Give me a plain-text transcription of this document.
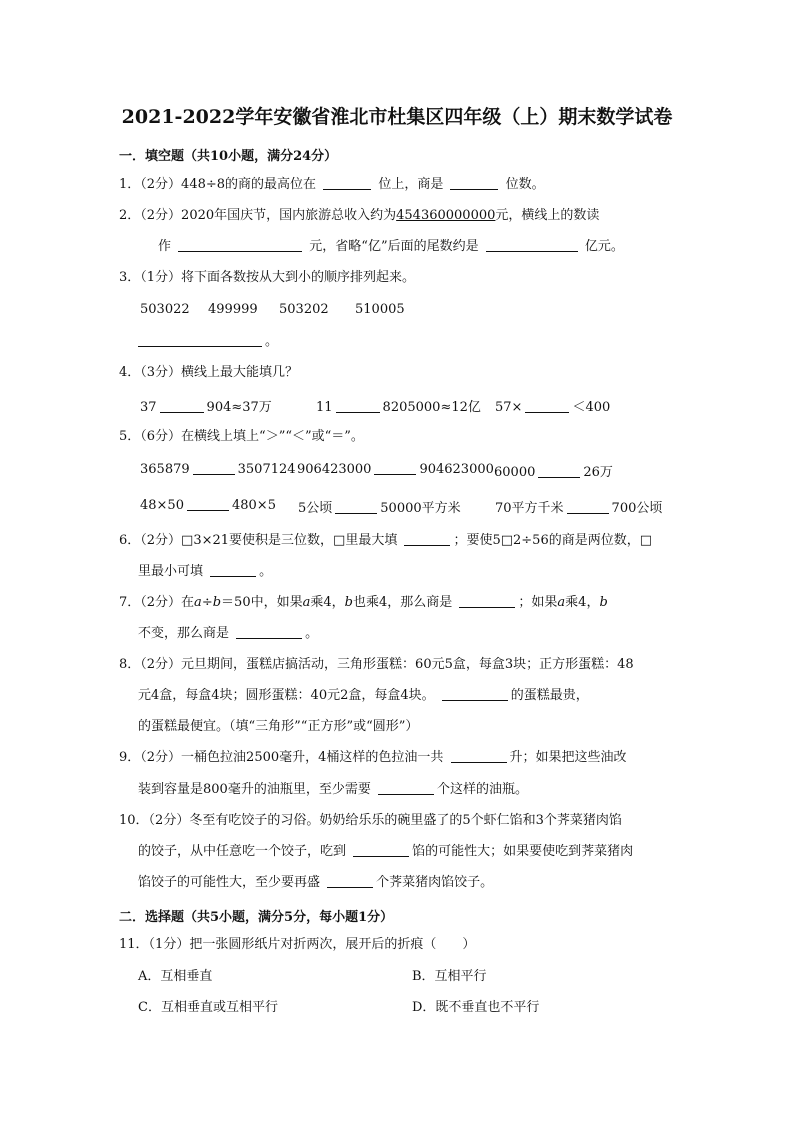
2021-2022学年安徽省淮北市杜集区四年级（上）期末数学试卷
一．填空题（共10小题，满分24分）
1．（2分）448÷8的商的最高位在	位上，商是	位数。
2．（2分）2020年国庆节，国内旅游总收入约为454360000000元，横线上的数读
作	元，省略“亿”后面的尾数约是	亿元。
3．（1分）将下面各数按从大到小的顺序排列起来。
503022 499999 503202 510005
。
4．（3分）横线上最大能填几？
37	904≈37万	11	8205000≈12亿 57×	＜400
5．（6分）在横线上填上“＞”“＜”或“＝”。
365879	3507124 906423000	904623000 60000	26万
48×50	480×5 5公顷	50000平方米	70平方千米	700公顷
6．（2分）□3×21要使积是三位数，□里最大填	；要使5□2÷56的商是两位数，□
里最小可填	。
7．（2分）在a÷b＝50中，如果a乘4，b也乘4，那么商是	；如果a乘4，b
不变，那么商是	。
8．（2分）元旦期间，蛋糕店搞活动，三角形蛋糕：60元5盒，每盒3块；正方形蛋糕：48
元4盒，每盒4块；圆形蛋糕：40元2盒，每盒4块。	的蛋糕最贵，
的蛋糕最便宜。（填“三角形”“正方形”或“圆形”）
9．（2分）一桶色拉油2500毫升，4桶这样的色拉油一共	升；如果把这些油改
装到容量是800毫升的油瓶里，至少需要	个这样的油瓶。
10．（2分）冬至有吃饺子的习俗。奶奶给乐乐的碗里盛了的5个虾仁馅和3个荠菜猪肉馅
的饺子，从中任意吃一个饺子，吃到	馅的可能性大；如果要使吃到荠菜猪肉
馅饺子的可能性大，至少要再盛	个荠菜猪肉馅饺子。
二．选择题（共5小题，满分5分，每小题1分）
11．（1分）把一张圆形纸片对折两次，展开后的折痕（　　）
A．互相垂直	B．互相平行
C．互相垂直或互相平行	D．既不垂直也不平行
